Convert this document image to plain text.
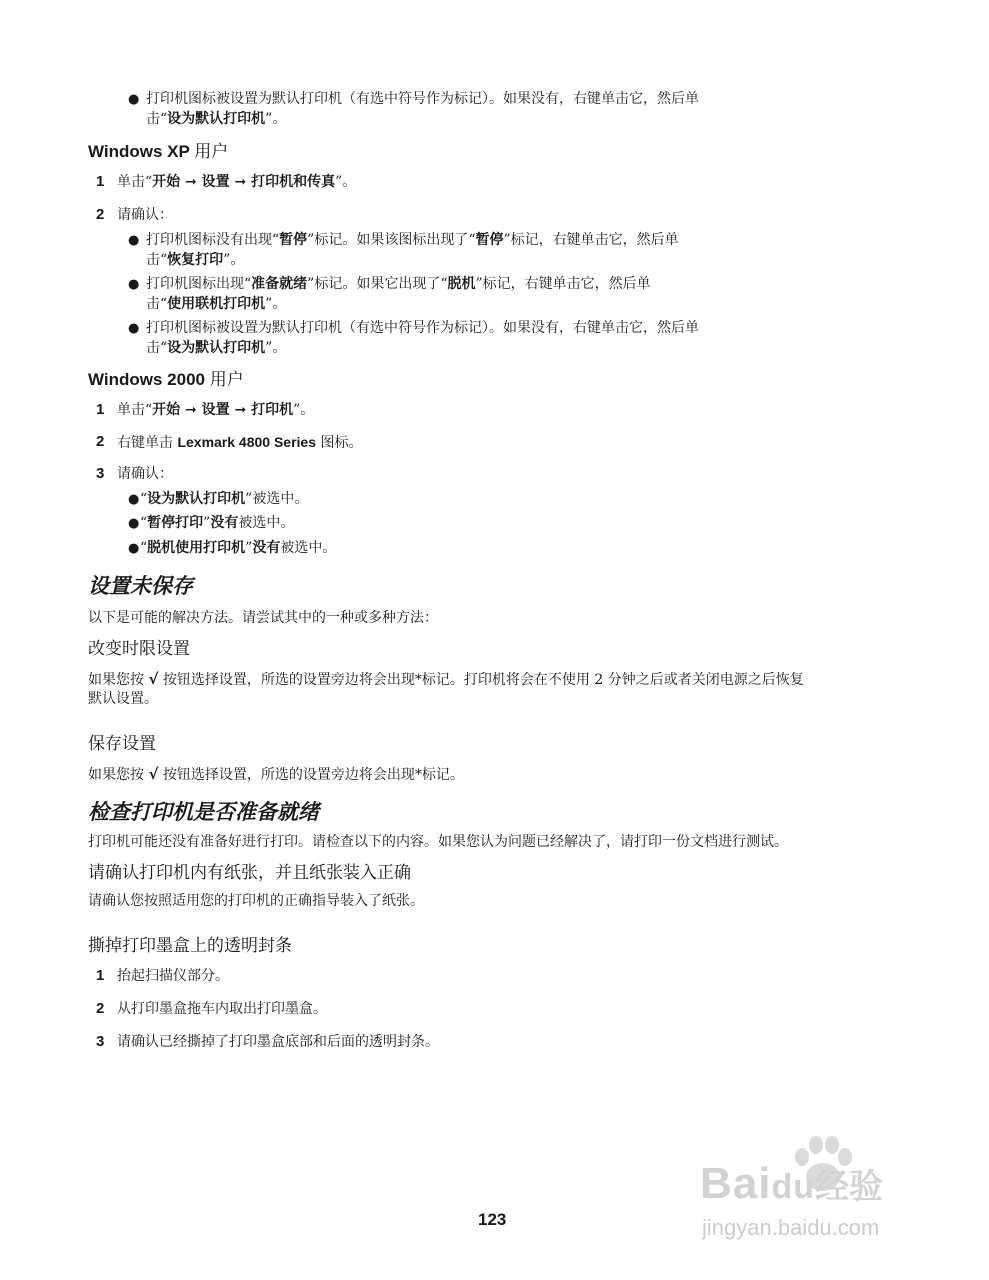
● 打印机图标被设置为默认打印机（有选中符号作为标记）。如果没有，右键单击它，然后单
击“设为默认打印机”。
Windows XP 用户
1 单击“开始 ➞ 设置 ➞ 打印机和传真”。
2 请确认：
● 打印机图标没有出现“暂停”标记。如果该图标出现了“暂停”标记，右键单击它，然后单
击“恢复打印”。
● 打印机图标出现“准备就绪”标记。如果它出现了“脱机”标记，右键单击它，然后单
击“使用联机打印机”。
● 打印机图标被设置为默认打印机（有选中符号作为标记）。如果没有，右键单击它，然后单
击“设为默认打印机”。
Windows 2000 用户
1 单击“开始 ➞ 设置 ➞ 打印机”。
2 右键单击 Lexmark 4800 Series 图标。
3 请确认：
● “设为默认打印机”被选中。
● “暂停打印”没有被选中。
● “脱机使用打印机”没有被选中。
设置未保存
以下是可能的解决方法。请尝试其中的一种或多种方法：
改变时限设置
如果您按 √ 按钮选择设置，所选的设置旁边将会出现*标记。打印机将会在不使用 2 分钟之后或者关闭电源之后恢复
默认设置。
保存设置
如果您按 √ 按钮选择设置，所选的设置旁边将会出现*标记。
检查打印机是否准备就绪
打印机可能还没有准备好进行打印。请检查以下的内容。如果您认为问题已经解决了，请打印一份文档进行测试。
请确认打印机内有纸张，并且纸张装入正确
请确认您按照适用您的打印机的正确指导装入了纸张。
撕掉打印墨盒上的透明封条
1 抬起扫描仪部分。
2 从打印墨盒拖车内取出打印墨盒。
3 请确认已经撕掉了打印墨盒底部和后面的透明封条。
123
Baidu经验
jingyan.baidu.com
